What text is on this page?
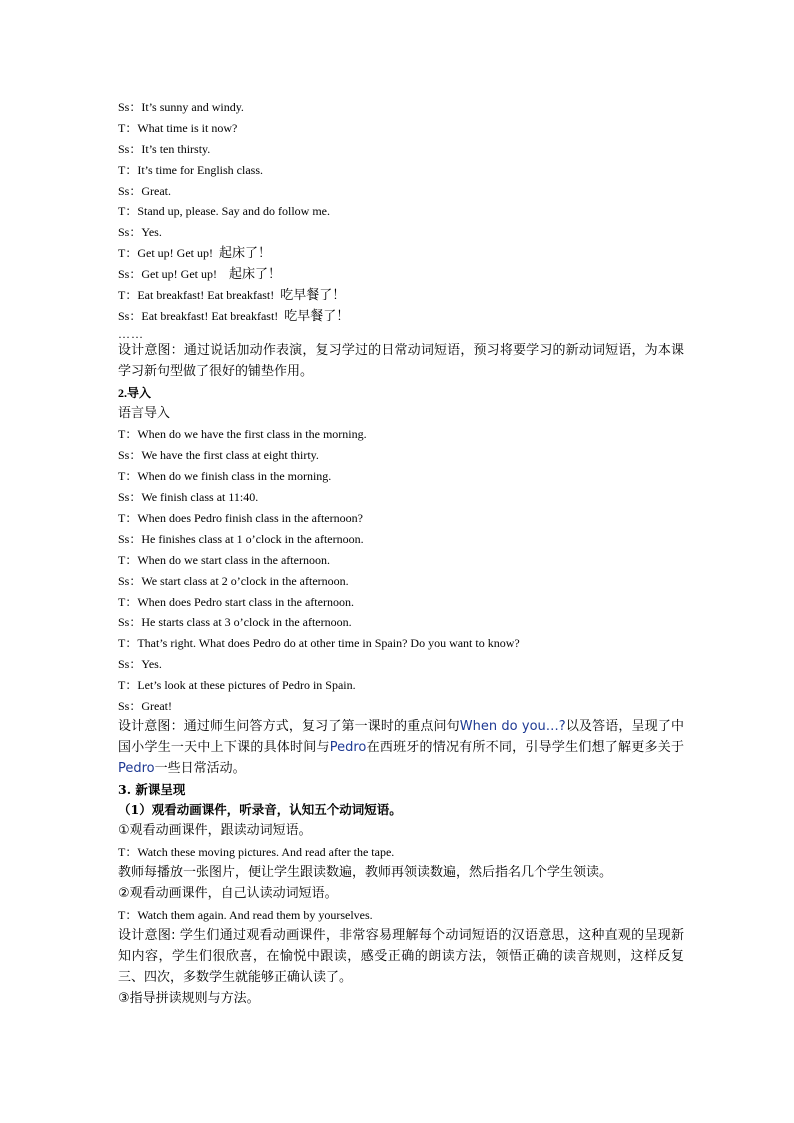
Ss：It’s sunny and windy.
T：What time is it now?
Ss：It’s ten thirsty.
T：It’s time for English class.
Ss：Great.
T：Stand up, please. Say and do follow me.
Ss：Yes.
T：Get up! Get up!  起床了！
Ss：Get up! Get up!    起床了！
T：Eat breakfast! Eat breakfast!  吃早餐了！
Ss：Eat breakfast! Eat breakfast!  吃早餐了！
……

设计意图：通过说话加动作表演，复习学过的日常动词短语，预习将要学习的新动词短语，为本课学习新句型做了很好的铺垫作用。

2.导入
语言导入
T：When do we have the first class in the morning.
Ss：We have the first class at eight thirty.
T：When do we finish class in the morning.
Ss：We finish class at 11:40.
T：When does Pedro finish class in the afternoon?
Ss：He finishes class at 1 o’clock in the afternoon.
T：When do we start class in the afternoon.
Ss：We start class at 2 o’clock in the afternoon.
T：When does Pedro start class in the afternoon.
Ss：He starts class at 3 o’clock in the afternoon.
T：That’s right. What does Pedro do at other time in Spain? Do you want to know?
Ss：Yes.
T：Let’s look at these pictures of Pedro in Spain.
Ss：Great!

设计意图：通过师生问答方式，复习了第一课时的重点问句When do you…?以及答语，呈现了中国小学生一天中上下课的具体时间与Pedro在西班牙的情况有所不同，引导学生们想了解更多关于Pedro一些日常活动。

3. 新课呈现
（1）观看动画课件，听录音，认知五个动词短语。
①观看动画课件，跟读动词短语。
T：Watch these moving pictures. And read after the tape.
教师每播放一张图片，便让学生跟读数遍，教师再领读数遍，然后指名几个学生领读。
②观看动画课件，自己认读动词短语。
T：Watch them again. And read them by yourselves.

设计意图: 学生们通过观看动画课件，非常容易理解每个动词短语的汉语意思，这种直观的呈现新知内容，学生们很欣喜，在愉悦中跟读，感受正确的朗读方法，领悟正确的读音规则，这样反复三、四次，多数学生就能够正确认读了。

③指导拼读规则与方法。
